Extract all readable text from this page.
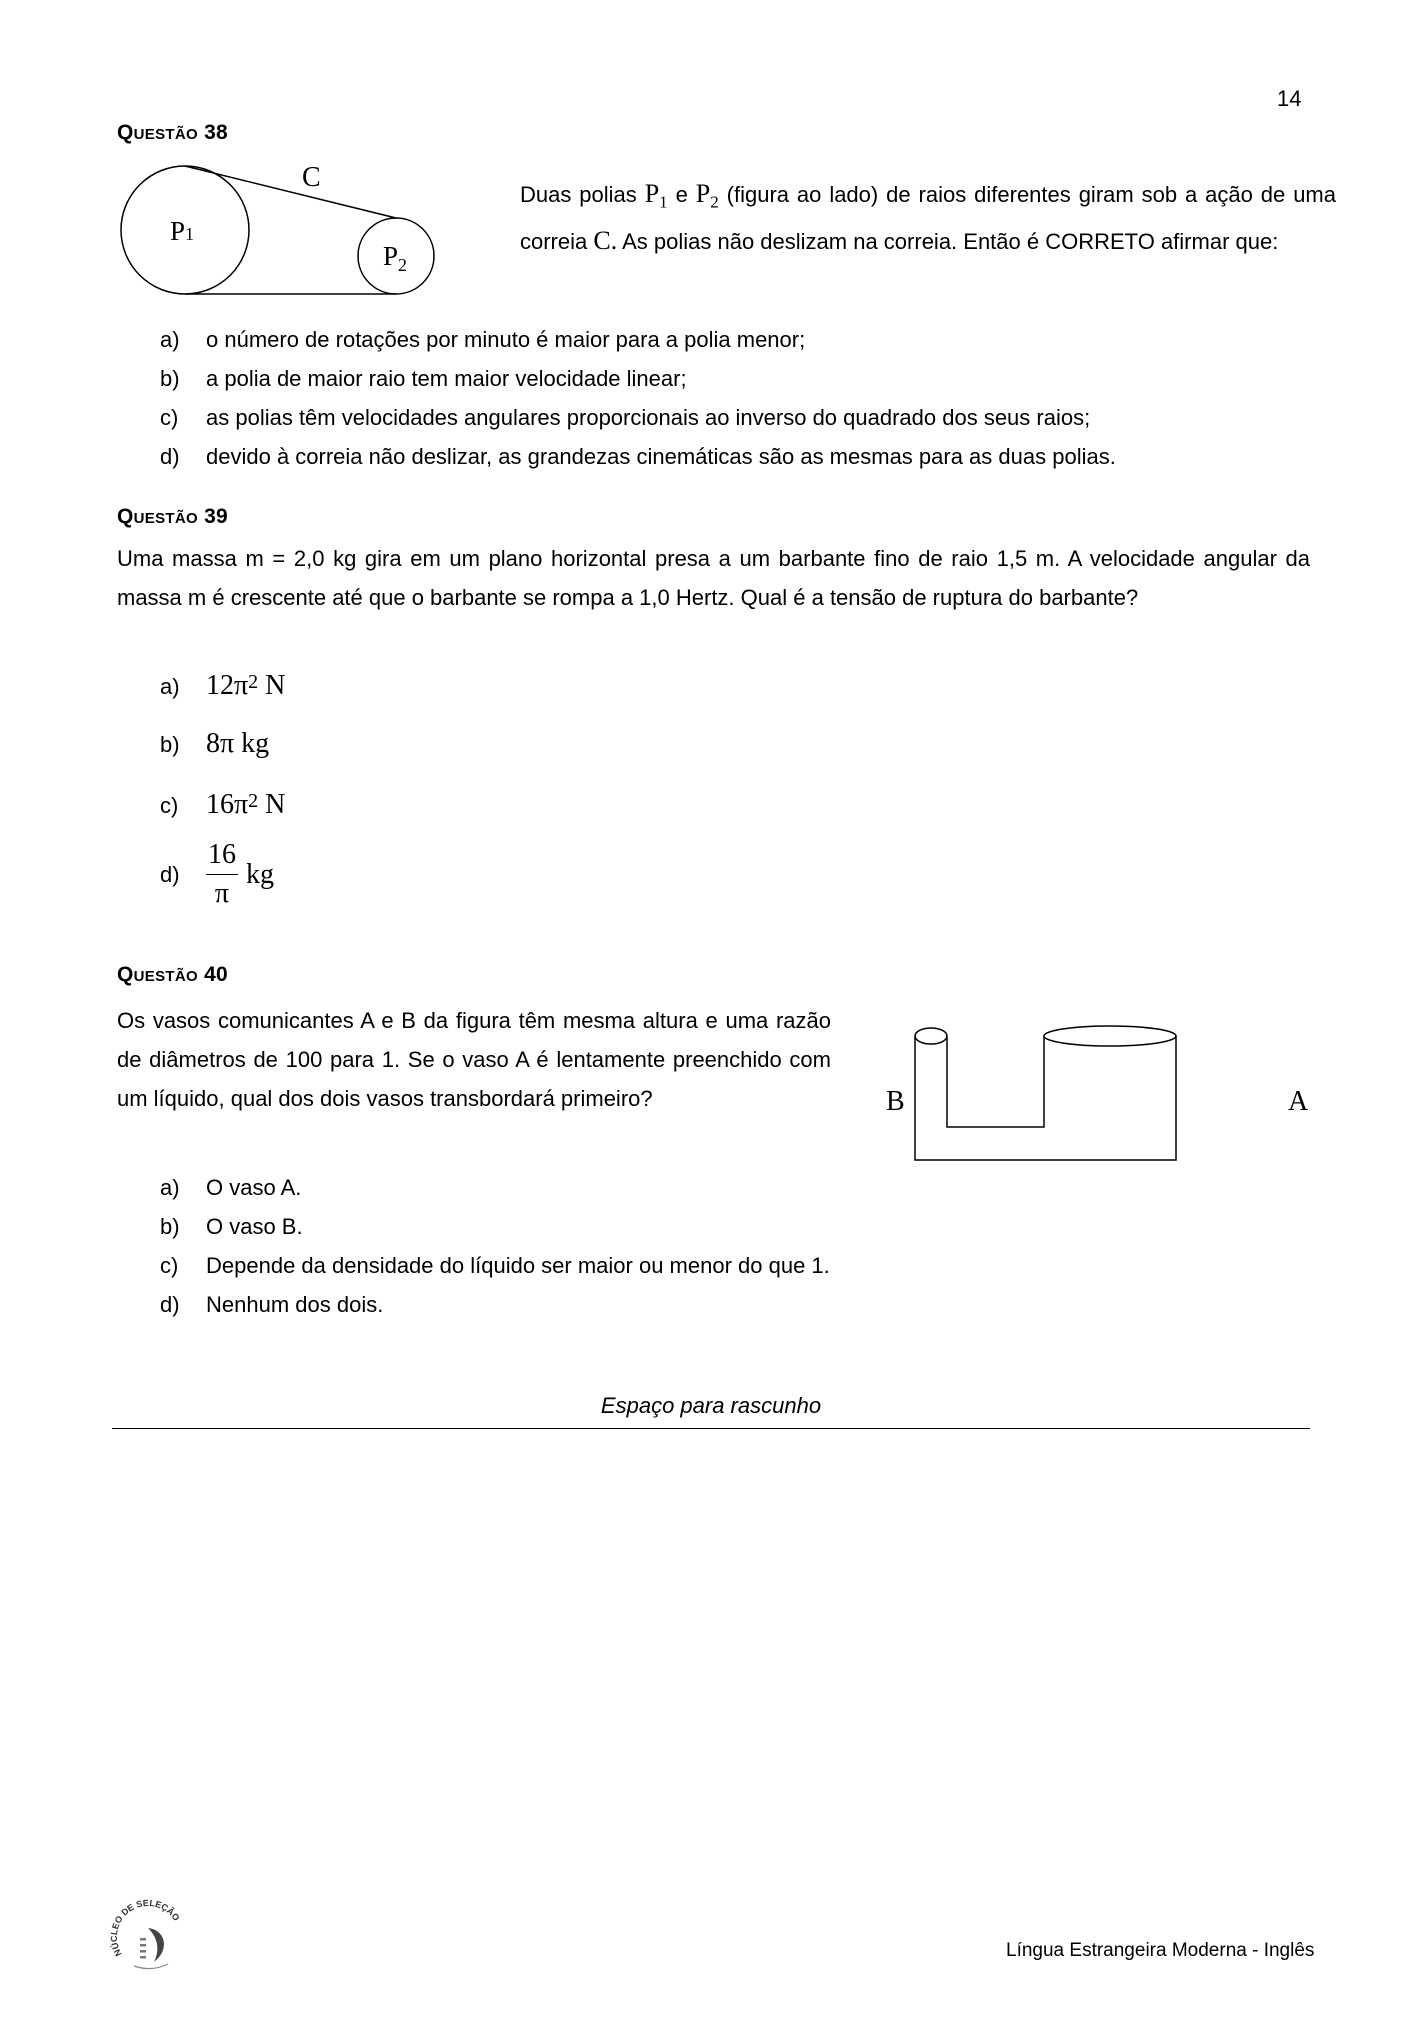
14
Questão 38
C
P1
$P_2$
Duas polias $P_1$ e $P_2$ (figura ao lado) de raios diferentes giram sob a ação de uma correia C. As polias não deslizam na correia. Então é CORRETO afirmar que:
a) o número de rotações por minuto é maior para a polia menor;
b) a polia de maior raio tem maior velocidade linear;
c) as polias têm velocidades angulares proporcionais ao inverso do quadrado dos seus raios;
d) devido à correia não deslizar, as grandezas cinemáticas são as mesmas para as duas polias.
Questão 39
Uma massa m = 2,0 kg gira em um plano horizontal presa a um barbante fino de raio 1,5 m. A velocidade angular da massa m é crescente até que o barbante se rompa a 1,0 Hertz. Qual é a tensão de ruptura do barbante?
a) $12\pi^2$ N
b) 8π kg
c) $16\pi^2$ N
$d) \frac{16}{\pi}$ kg
Questão 40
Os vasos comunicantes A e B da figura têm mesma altura e uma razão de diâmetros de 100 para 1. Se o vaso A é lentamente preenchido com um líquido, qual dos dois vasos transbordará primeiro?	B	A
a) O vaso A.
b) O vaso B.
c) Depende da densidade do líquido ser maior ou menor do que 1.
d) Nenhum dos dois.
Espaço para rascunho
NÚCLEO DE SELEÇÃO
Língua Estrangeira Moderna - Inglês
